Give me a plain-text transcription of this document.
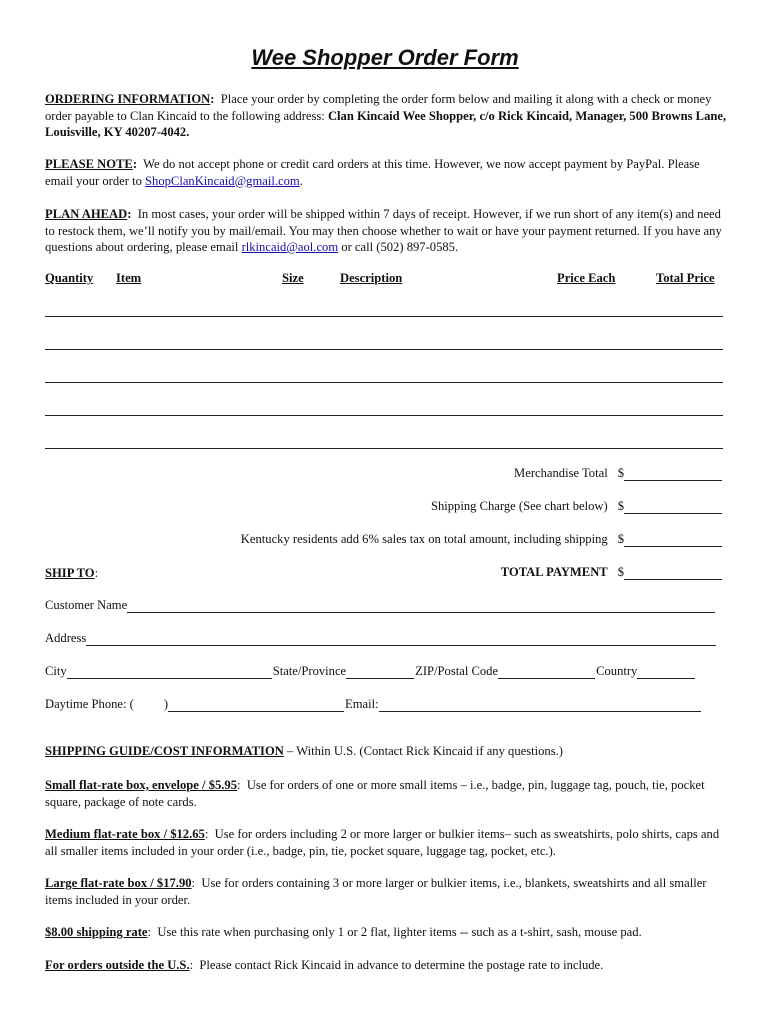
Wee Shopper Order Form
ORDERING INFORMATION: Place your order by completing the order form below and mailing it along with a check or money order payable to Clan Kincaid to the following address: Clan Kincaid Wee Shopper, c/o Rick Kincaid, Manager, 500 Browns Lane, Louisville, KY 40207-4042.
PLEASE NOTE: We do not accept phone or credit card orders at this time. However, we now accept payment by PayPal. Please email your order to ShopClanKincaid@gmail.com.
PLAN AHEAD: In most cases, your order will be shipped within 7 days of receipt. However, if we run short of any item(s) and need to restock them, we’ll notify you by mail/email. You may then choose whether to wait or have your payment returned. If you have any questions about ordering, please email rlkincaid@aol.com or call (502) 897-0585.
Quantity Item	Size	Description	Price Each	Total Price
Merchandise Total $
Shipping Charge (See chart below) $
Kentucky residents add 6% sales tax on total amount, including shipping $
TOTAL PAYMENT $
SHIP TO:
Customer Name
Address
City	State/Province	ZIP/Postal Code	Country
Daytime Phone: ( )	Email:
SHIPPING GUIDE/COST INFORMATION – Within U.S. (Contact Rick Kincaid if any questions.)
Small flat-rate box, envelope / $5.95:  Use for orders of one or more small items – i.e., badge, pin, luggage tag, pouch, tie, pocket square, package of note cards.
Medium flat-rate box / $12.65:  Use for orders including 2 or more larger or bulkier items– such as sweatshirts, polo shirts, caps and all smaller items included in your order (i.e., badge, pin, tie, pocket square, luggage tag, pocket, etc.).
Large flat-rate box / $17.90:  Use for orders containing 3 or more larger or bulkier items, i.e., blankets, sweatshirts and all smaller items included in your order.
$8.00 shipping rate:  Use this rate when purchasing only 1 or 2 flat, lighter items -- such as a t-shirt, sash, mouse pad.
For orders outside the U.S.:  Please contact Rick Kincaid in advance to determine the postage rate to include.
